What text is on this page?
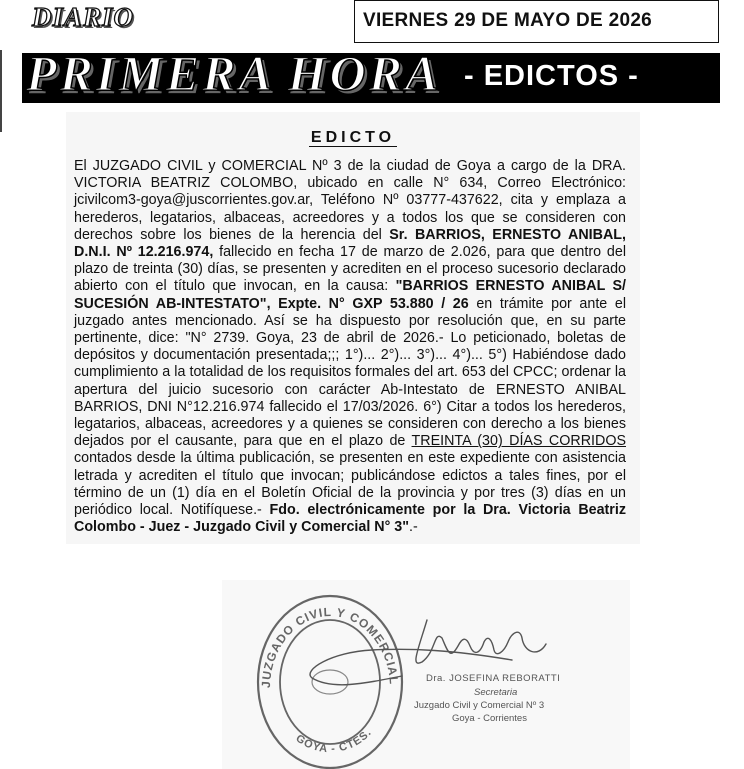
DIARIO	VIERNES 29 DE MAYO DE 2026
PRIMERA HORA - EDICTOS -
EDICTO
El JUZGADO CIVIL y COMERCIAL Nº 3 de la ciudad de Goya a cargo de la DRA. VICTORIA BEATRIZ COLOMBO, ubicado en calle N° 634, Correo Electrónico: jcivilcom3-goya@juscorrientes.gov.ar, Teléfono Nº 03777-437622, cita y emplaza a herederos, legatarios, albaceas, acreedores y a todos los que se consideren con derechos sobre los bienes de la herencia del Sr. BARRIOS, ERNESTO ANIBAL, D.N.I. Nº 12.216.974, fallecido en fecha 17 de marzo de 2.026, para que dentro del plazo de treinta (30) días, se presenten y acrediten en el proceso sucesorio declarado abierto con el título que invocan, en la causa: "BARRIOS ERNESTO ANIBAL S/ SUCESIÓN AB-INTESTATO", Expte. N° GXP 53.880 / 26 en trámite por ante el juzgado antes mencionado. Así se ha dispuesto por resolución que, en su parte pertinente, dice: "N° 2739. Goya, 23 de abril de 2026.- Lo peticionado, boletas de depósitos y documentación presentada;;; 1°)... 2°)... 3°)... 4°)... 5°) Habiéndose dado cumplimiento a la totalidad de los requisitos formales del art. 653 del CPCC; ordenar la apertura del juicio sucesorio con carácter Ab-Intestato de ERNESTO ANIBAL BARRIOS, DNI N°12.216.974 fallecido el 17/03/2026. 6°) Citar a todos los herederos, legatarios, albaceas, acreedores y a quienes se consideren con derecho a los bienes dejados por el causante, para que en el plazo de TREINTA (30) DÍAS CORRIDOS contados desde la última publicación, se presenten en este expediente con asistencia letrada y acrediten el título que invocan; publicándose edictos a tales fines, por el término de un (1) día en el Boletín Oficial de la provincia y por tres (3) días en un periódico local. Notifíquese.- Fdo. electrónicamente por la Dra. Victoria Beatriz Colombo - Juez - Juzgado Civil y Comercial N° 3".-
JUZGADO CIVIL Y COMERCIAL
GOYA - CTES.
Dra. JOSEFINA REBORATTI
Secretaria
Juzgado Civil y Comercial Nº 3
Goya - Corrientes
